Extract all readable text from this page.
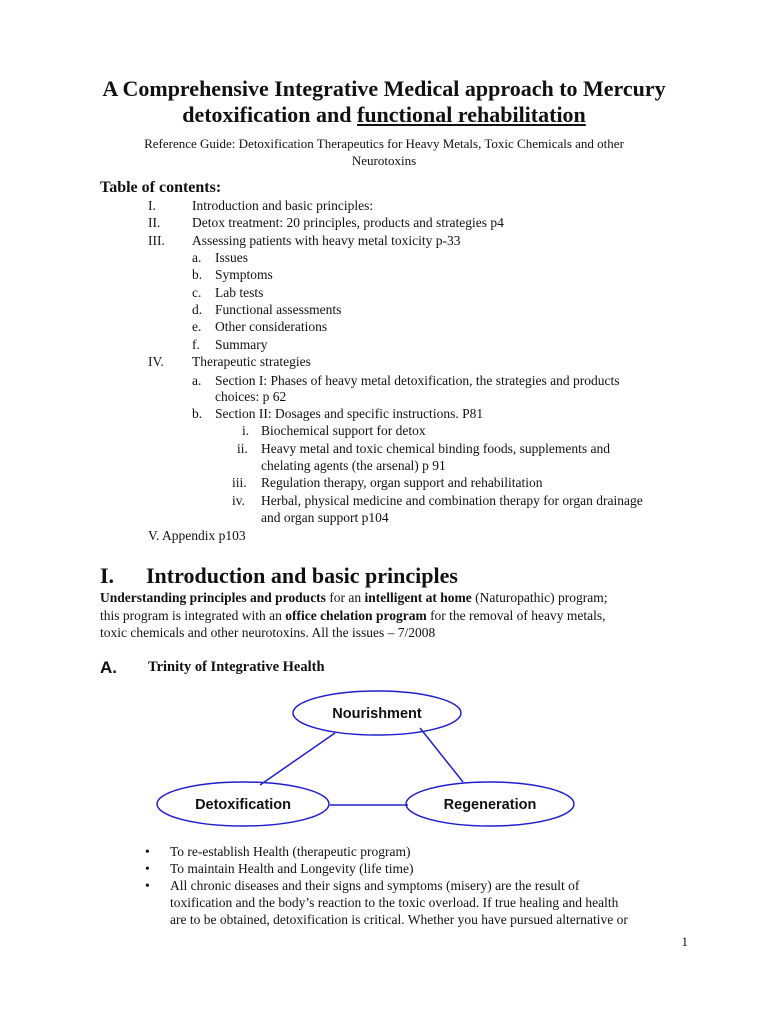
A Comprehensive Integrative Medical approach to Mercury
detoxification and functional rehabilitation
Reference Guide: Detoxification Therapeutics for Heavy Metals, Toxic Chemicals and other
Neurotoxins
Table of contents:
I.	Introduction and basic principles:
II. Detox treatment: 20 principles, products and strategies p4
III. Assessing patients with heavy metal toxicity p-33
a. Issues
b. Symptoms
c. Lab tests
d. Functional assessments
e. Other considerations
f. Summary
IV. Therapeutic strategies
a. Section I: Phases of heavy metal detoxification, the strategies and products
choices: p 62
b. Section II: Dosages and specific instructions. P81
i. Biochemical support for detox
ii. Heavy metal and toxic chemical binding foods, supplements and
chelating agents (the arsenal) p 91
iii. Regulation therapy, organ support and rehabilitation
iv. Herbal, physical medicine and combination therapy for organ drainage
and organ support p104
V. Appendix p103
I. Introduction and basic principles
Understanding principles and products for an intelligent at home (Naturopathic) program;
this program is integrated with an office chelation program for the removal of heavy metals,
toxic chemicals and other neurotoxins. All the issues – 7/2008
A. Trinity of Integrative Health
Nourishment
Detoxification	Regeneration
• To re-establish Health (therapeutic program)
• To maintain Health and Longevity (life time)
• All chronic diseases and their signs and symptoms (misery) are the result of
toxification and the body’s reaction to the toxic overload. If true healing and health
are to be obtained, detoxification is critical. Whether you have pursued alternative or
1
